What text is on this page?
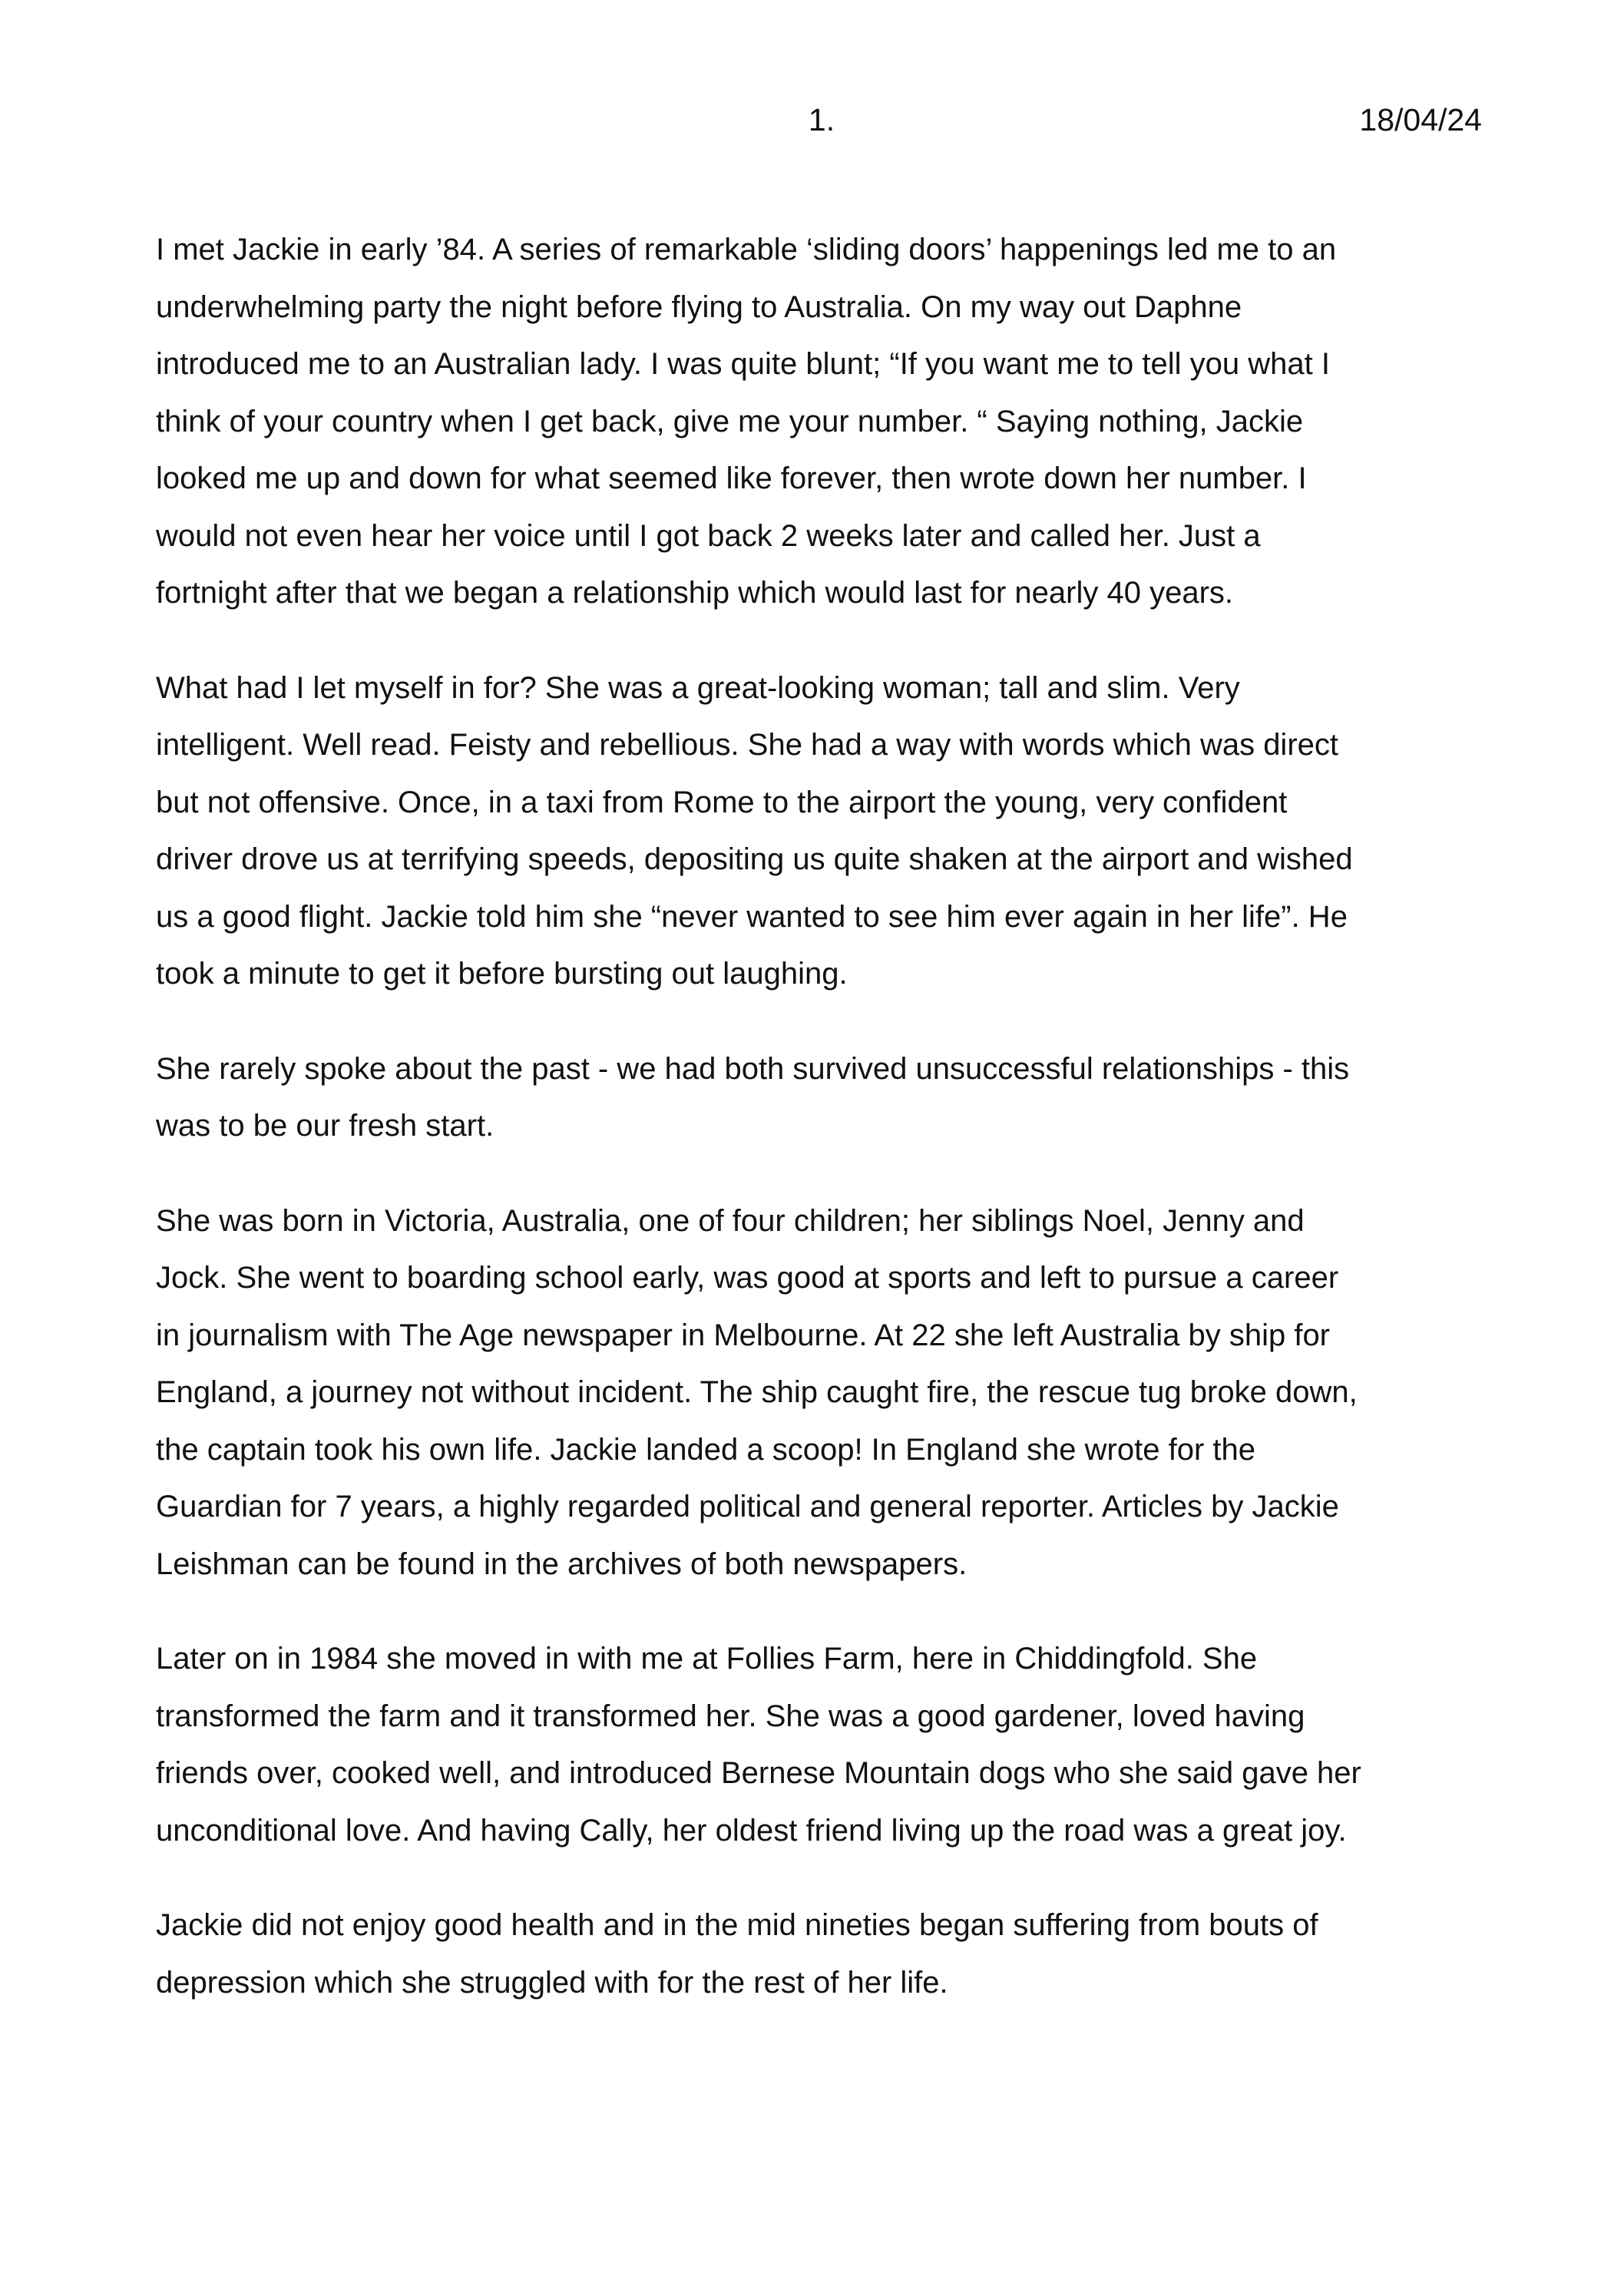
1.	18/04/24

I met Jackie in early ’84. A series of remarkable ‘sliding doors’ happenings led me to an
underwhelming party the night before flying to Australia. On my way out Daphne
introduced me to an Australian lady. I was quite blunt; “If you want me to tell you what I
think of your country when I get back, give me your number. “ Saying nothing, Jackie
looked me up and down for what seemed like forever, then wrote down her number. I
would not even hear her voice until I got back 2 weeks later and called her. Just a
fortnight after that we began a relationship which would last for nearly 40 years.

What had I let myself in for? She was a great-looking woman; tall and slim. Very
intelligent. Well read. Feisty and rebellious. She had a way with words which was direct
but not offensive. Once, in a taxi from Rome to the airport the young, very confident
driver drove us at terrifying speeds, depositing us quite shaken at the airport and wished
us a good flight. Jackie told him she “never wanted to see him ever again in her life”. He
took a minute to get it before bursting out laughing.

She rarely spoke about the past - we had both survived unsuccessful relationships - this
was to be our fresh start.

She was born in Victoria, Australia, one of four children; her siblings Noel, Jenny and
Jock. She went to boarding school early, was good at sports and left to pursue a career
in journalism with The Age newspaper in Melbourne. At 22 she left Australia by ship for
England, a journey not without incident. The ship caught fire, the rescue tug broke down,
the captain took his own life. Jackie landed a scoop! In England she wrote for the
Guardian for 7 years, a highly regarded political and general reporter. Articles by Jackie
Leishman can be found in the archives of both newspapers.

Later on in 1984 she moved in with me at Follies Farm, here in Chiddingfold. She
transformed the farm and it transformed her. She was a good gardener, loved having
friends over, cooked well, and introduced Bernese Mountain dogs who she said gave her
unconditional love. And having Cally, her oldest friend living up the road was a great joy.

Jackie did not enjoy good health and in the mid nineties began suffering from bouts of
depression which she struggled with for the rest of her life.
